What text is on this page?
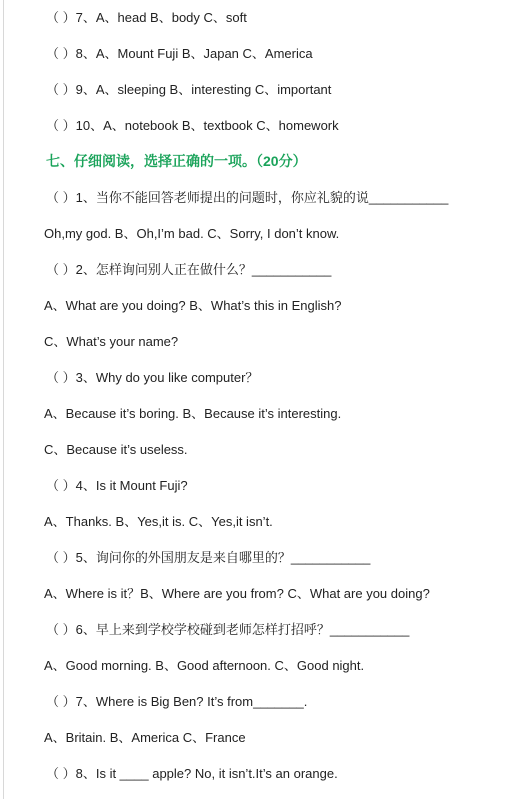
（ ）7、A、head B、body C、soft
（ ）8、A、Mount Fuji B、Japan C、America
（ ）9、A、sleeping B、interesting C、important
（ ）10、A、notebook B、textbook C、homework
七、仔细阅读，选择正确的一项。（20分）
（ ）1、当你不能回答老师提出的问题时，你应礼貌的说___________
Oh,my god. B、Oh,I’m bad. C、Sorry, I don’t know.
（ ）2、怎样询问别人正在做什么？___________
A、What are you doing? B、What’s this in English?
C、What’s your name?
（ ）3、Why do you like computer？
A、Because it’s boring. B、Because it’s interesting.
C、Because it’s useless.
（ ）4、Is it Mount Fuji?
A、Thanks. B、Yes,it is. C、Yes,it isn’t.
（ ）5、询问你的外国朋友是来自哪里的？___________
A、Where is it？B、Where are you from? C、What are you doing?
（ ）6、早上来到学校学校碰到老师怎样打招呼？___________
A、Good morning. B、Good afternoon. C、Good night.
（ ）7、Where is Big Ben? It’s from_______.
A、Britain. B、America C、France
（ ）8、Is it ____ apple? No, it isn’t.It’s an orange.
